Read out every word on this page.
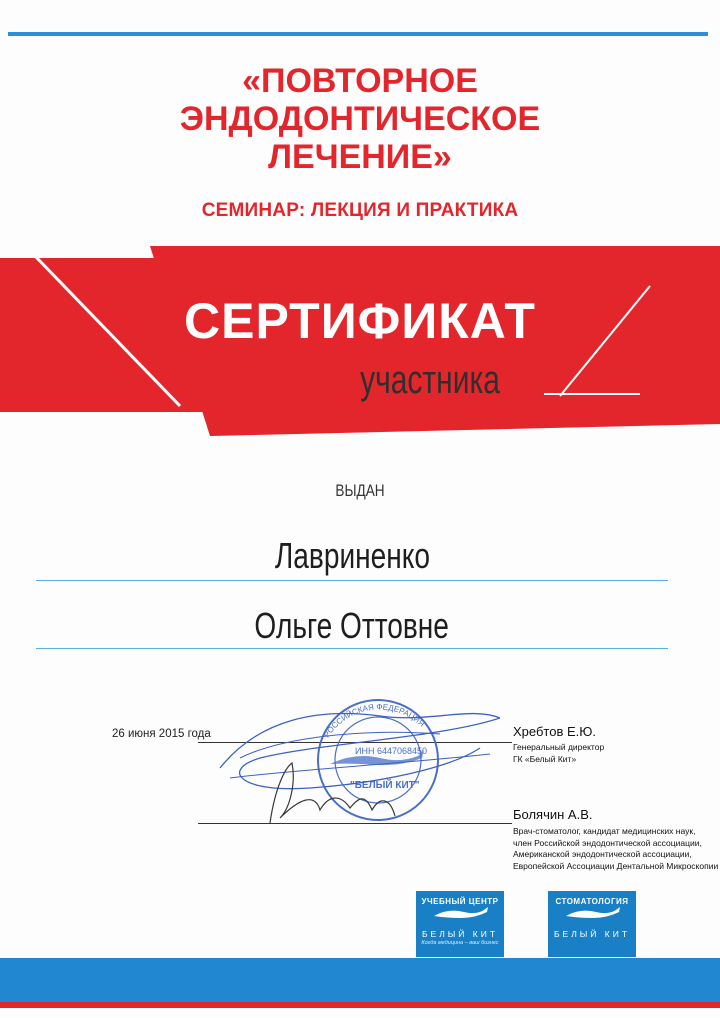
«ПОВТОРНОЕ
ЭНДОДОНТИЧЕСКОЕ
ЛЕЧЕНИЕ»
СЕМИНАР: ЛЕКЦИЯ И ПРАКТИКА
СЕРТИФИКАТ
участника
ВЫДАН
Лавриненко
Ольге Оттовне
26 июня 2015 года
ИНН 6447068450
"БЕЛЫЙ КИТ"
РОССИЙСКАЯ ФЕДЕРАЦИЯ
Хребтов Е.Ю.
Генеральный директор
ГК «Белый Кит»
Болячин А.В.
Врач-стоматолог, кандидат медицинских наук,
член Российской эндодонтической ассоциации,
Американской эндодонтической ассоциации,
Европейской Ассоциации Дентальной Микроскопии
УЧЕБНЫЙ ЦЕНТР
БЕЛЫЙ КИТ
Когда медицина – ваш бизнес
СТОМАТОЛОГИЯ
БЕЛЫЙ КИТ
